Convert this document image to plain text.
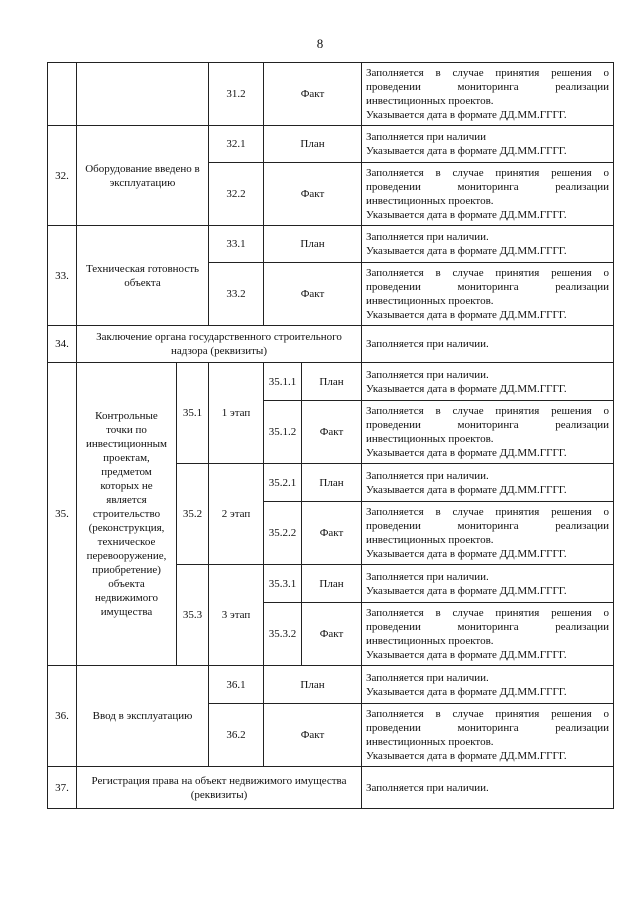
8
			31.2	Факт		Заполняется в случае принятия решения о
проведении мониторинга реализации
инвестиционных проектов.
Указывается дата в формате ДД.ММ.ГГГГ.

32.	Оборудование введено в эксплуатацию		32.1	План		Заполняется при наличии
Указывается дата в формате ДД.ММ.ГГГГ.

			32.2	Факт		Заполняется в случае принятия решения о
проведении мониторинга реализации
инвестиционных проектов.
Указывается дата в формате ДД.ММ.ГГГГ.

33.	Техническая готовность объекта		33.1	План		Заполняется при наличии.
Указывается дата в формате ДД.ММ.ГГГГ.

			33.2	Факт		Заполняется в случае принятия решения о
проведении мониторинга реализации
инвестиционных проектов.
Указывается дата в формате ДД.ММ.ГГГГ.

34.	Заключение органа государственного строительного надзора (реквизиты)					Заполняется при наличии.

35.	Контрольные точки по инвестиционным проектам, предметом которых не является строительство (реконструкция, техническое перевооружение, приобретение) объекта недвижимого имущества	35.1	1 этап	35.1.1	План	Заполняется при наличии.
Указывается дата в формате ДД.ММ.ГГГГ.

				35.1.2	Факт	Заполняется в случае принятия решения о
проведении мониторинга реализации
инвестиционных проектов.
Указывается дата в формате ДД.ММ.ГГГГ.

		35.2	2 этап	35.2.1	План	Заполняется при наличии.
Указывается дата в формате ДД.ММ.ГГГГ.

				35.2.2	Факт	Заполняется в случае принятия решения о
проведении мониторинга реализации
инвестиционных проектов.
Указывается дата в формате ДД.ММ.ГГГГ.

		35.3	3 этап	35.3.1	План	Заполняется при наличии.
Указывается дата в формате ДД.ММ.ГГГГ.

				35.3.2	Факт	Заполняется в случае принятия решения о
проведении мониторинга реализации
инвестиционных проектов.
Указывается дата в формате ДД.ММ.ГГГГ.

36.	Ввод в эксплуатацию		36.1	План		Заполняется при наличии.
Указывается дата в формате ДД.ММ.ГГГГ.

			36.2	Факт		Заполняется в случае принятия решения о
проведении мониторинга реализации
инвестиционных проектов.
Указывается дата в формате ДД.ММ.ГГГГ.

37.	Регистрация права на объект недвижимого имущества (реквизиты)					Заполняется при наличии.
